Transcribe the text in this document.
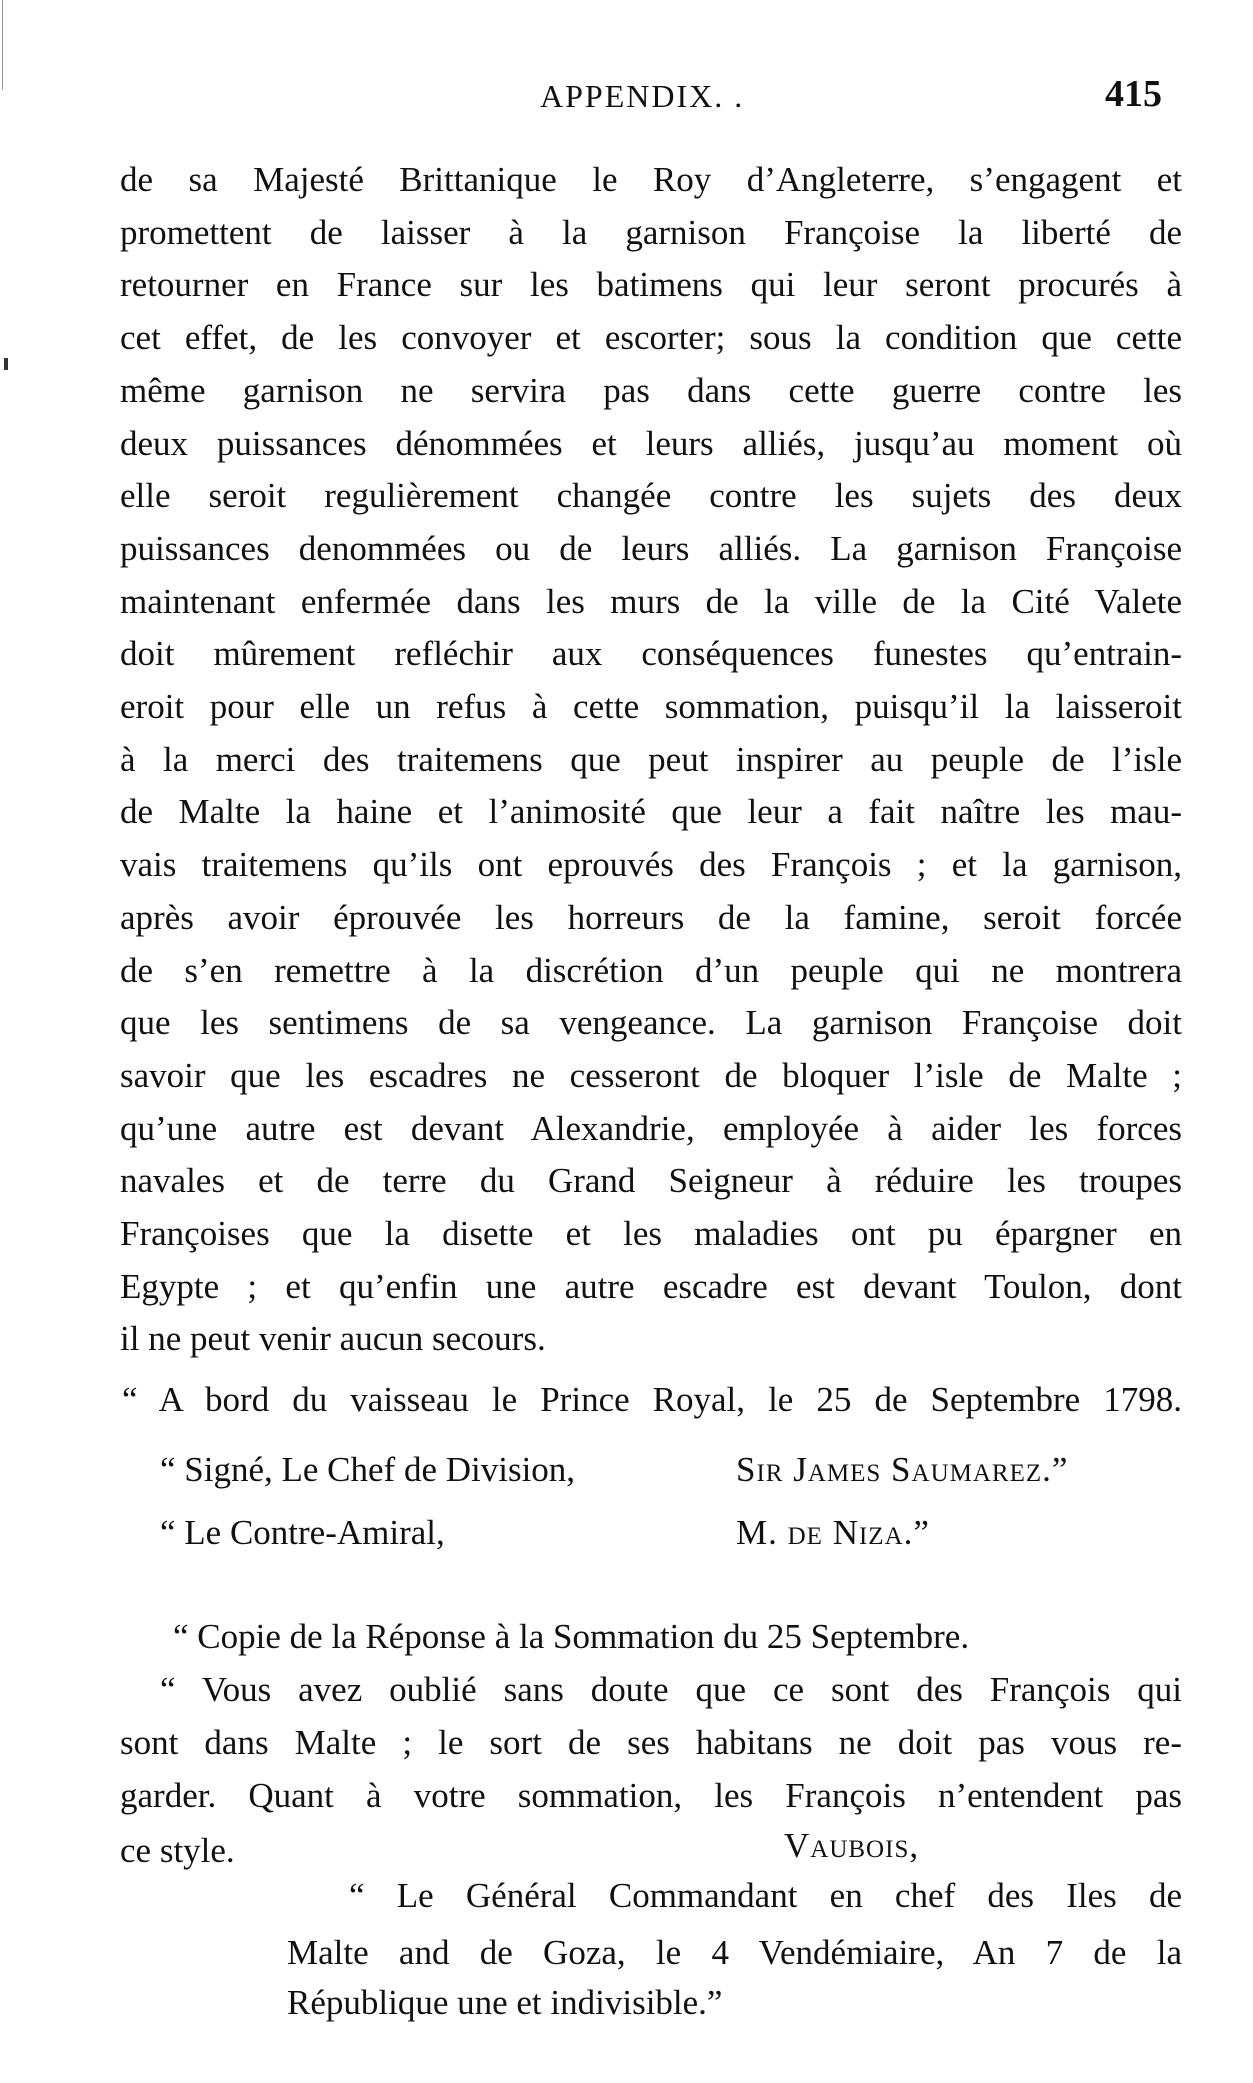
APPENDIX. .	415
de sa Majesté Brittanique le Roy d’Angleterre, s’engagent et
promettent de laisser à la garnison Françoise la liberté de
retourner en France sur les batimens qui leur seront procurés à
cet effet, de les convoyer et escorter; sous la condition que cette
même garnison ne servira pas dans cette guerre contre les
deux puissances dénommées et leurs alliés, jusqu’au moment où
elle seroit regulièrement changée contre les sujets des deux
puissances denommées ou de leurs alliés. La garnison Françoise
maintenant enfermée dans les murs de la ville de la Cité Valete
doit mûrement refléchir aux conséquences funestes qu’entrain-
eroit pour elle un refus à cette sommation, puisqu’il la laisseroit
à la merci des traitemens que peut inspirer au peuple de l’isle
de Malte la haine et l’animosité que leur a fait naître les mau-
vais traitemens qu’ils ont eprouvés des François ; et la garnison,
après avoir éprouvée les horreurs de la famine, seroit forcée
de s’en remettre à la discrétion d’un peuple qui ne montrera
que les sentimens de sa vengeance. La garnison Françoise doit
savoir que les escadres ne cesseront de bloquer l’isle de Malte ;
qu’une autre est devant Alexandrie, employée à aider les forces
navales et de terre du Grand Seigneur à réduire les troupes
Françoises que la disette et les maladies ont pu épargner en
Egypte ; et qu’enfin une autre escadre est devant Toulon, dont
il ne peut venir aucun secours.
“ A bord du vaisseau le Prince Royal, le 25 de Septembre 1798.
“ Signé, Le Chef de Division,	Sir James Saumarez.”
“ Le Contre-Amiral,	M. de Niza.”
“ Copie de la Réponse à la Sommation du 25 Septembre.
“ Vous avez oublié sans doute que ce sont des François qui
sont dans Malte ; le sort de ses habitans ne doit pas vous re-
garder. Quant à votre sommation, les François n’entendent pas
ce style.	Vaubois,
“ Le Général Commandant en chef des Iles de
Malte and de Goza, le 4 Vendémiaire, An 7 de la
République une et indivisible.”
